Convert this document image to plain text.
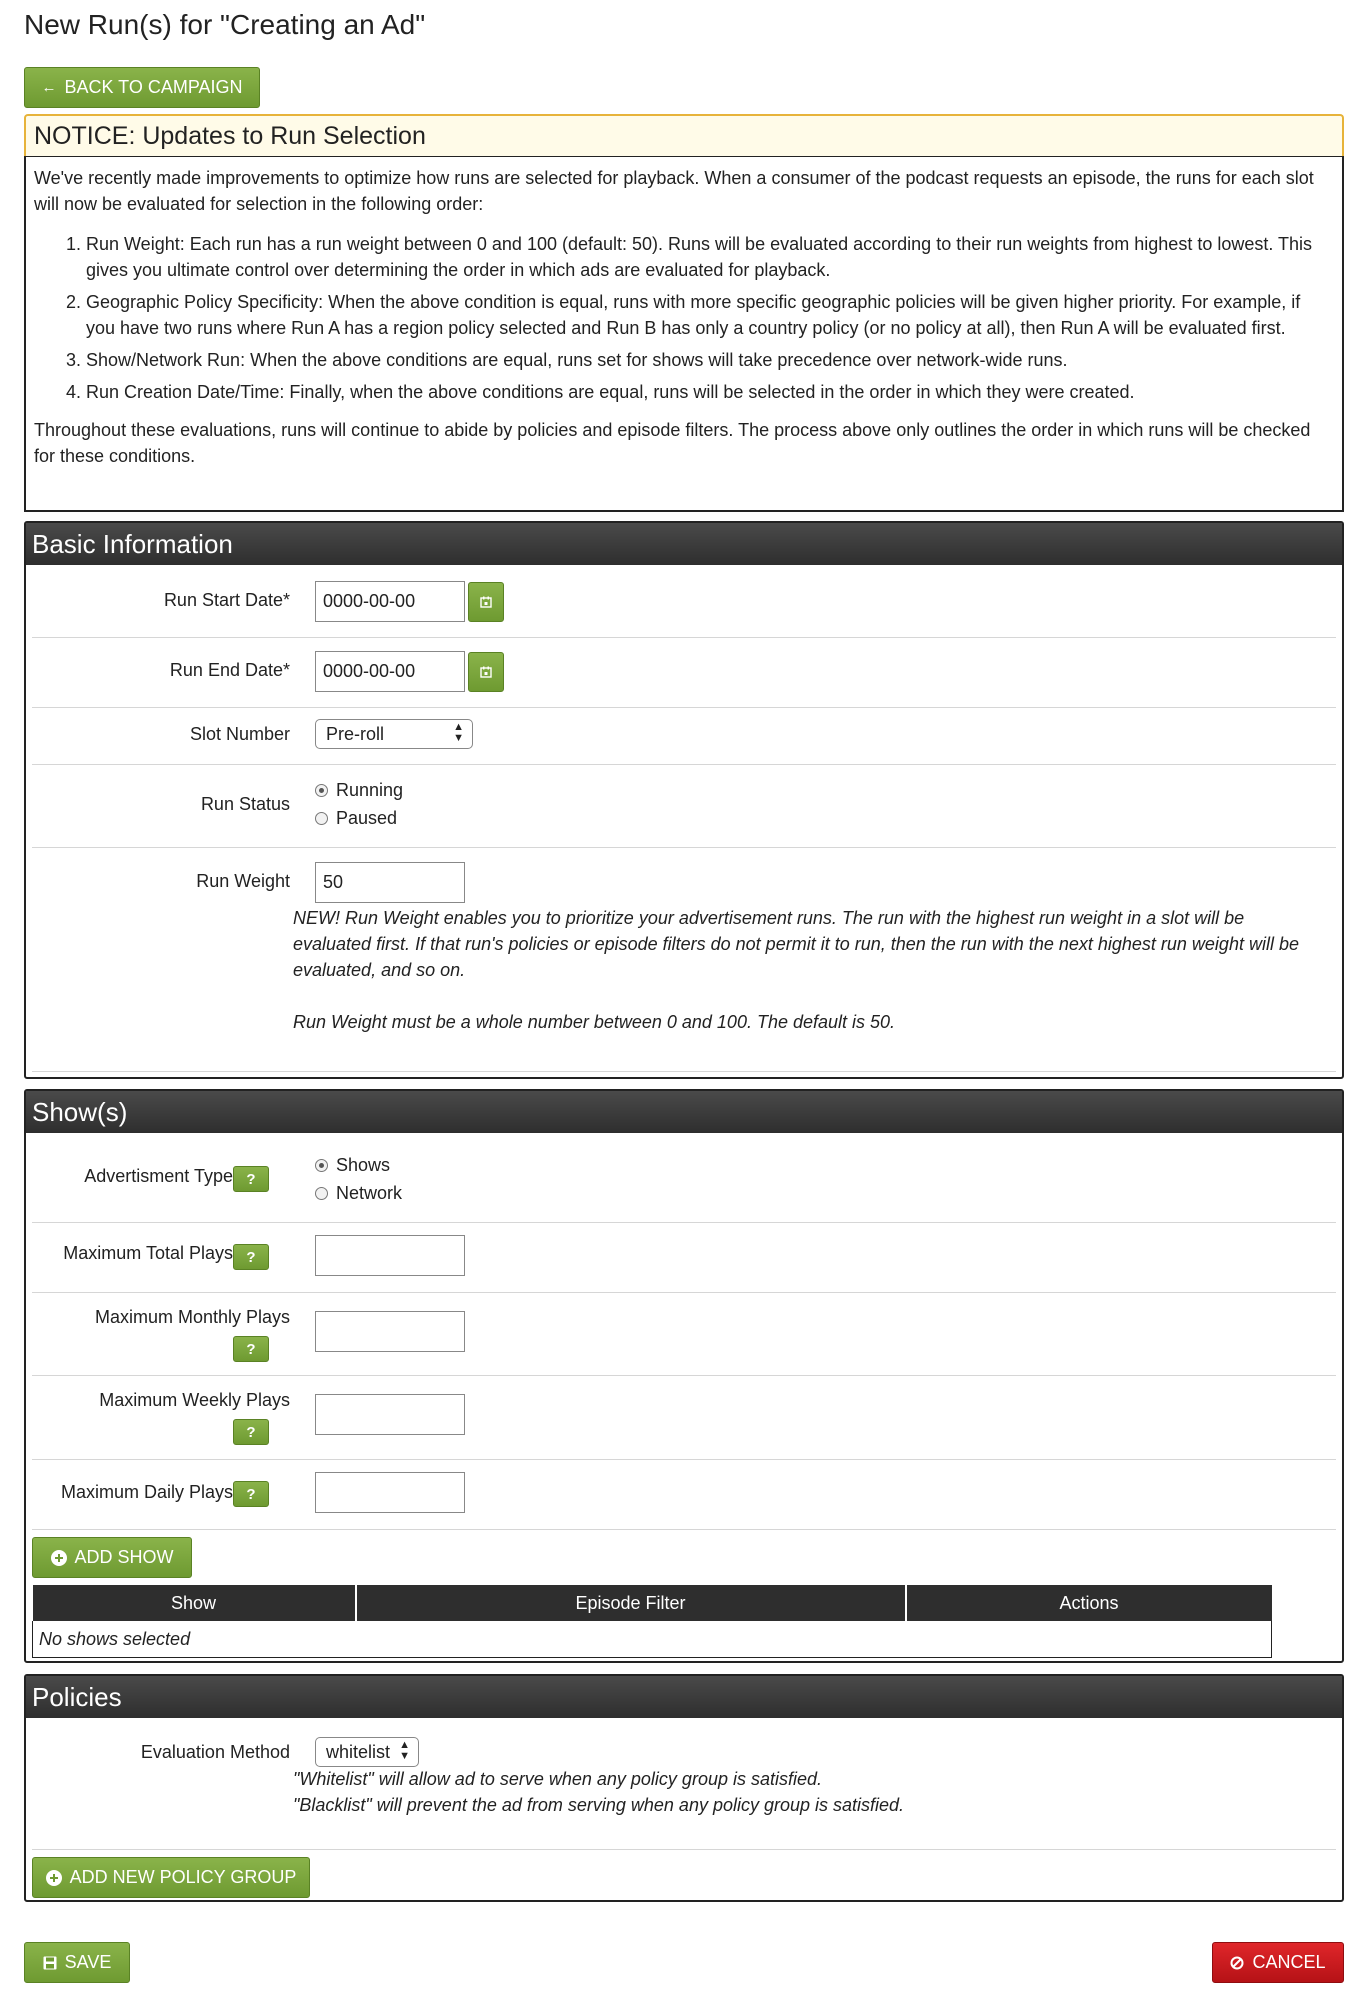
New Run(s) for "Creating an Ad"
← BACK TO CAMPAIGN
NOTICE: Updates to Run Selection

We've recently made improvements to optimize how runs are selected for playback. When a consumer of the podcast requests an episode, the runs for each slot will now be evaluated for selection in the following order:

1. Run Weight: Each run has a run weight between 0 and 100 (default: 50). Runs will be evaluated according to their run weights from highest to lowest. This gives you ultimate control over determining the order in which ads are evaluated for playback.
2. Geographic Policy Specificity: When the above condition is equal, runs with more specific geographic policies will be given higher priority. For example, if you have two runs where Run A has a region policy selected and Run B has only a country policy (or no policy at all), then Run A will be evaluated first.
3. Show/Network Run: When the above conditions are equal, runs set for shows will take precedence over network-wide runs.
4. Run Creation Date/Time: Finally, when the above conditions are equal, runs will be selected in the order in which they were created.

Throughout these evaluations, runs will continue to abide by policies and episode filters. The process above only outlines the order in which runs will be checked for these conditions.

Basic Information
Run Start Date*	0000-00-00
Run End Date*	0000-00-00
Slot Number	Pre-roll	▲
▼
Run Status
Running
Paused
Run Weight	50
NEW! Run Weight enables you to prioritize your advertisement runs. The run with the highest run weight in a slot will be evaluated first. If that run's policies or episode filters do not permit it to run, then the run with the next highest run weight will be evaluated, and so on.
Run Weight must be a whole number between 0 and 100. The default is 50.
Show(s)
Advertisment Type ?
Shows
Network
Maximum Total Plays ?
Maximum Monthly Plays
?
Maximum Weekly Plays
?
Maximum Daily Plays ?
ADD SHOW
Show	Episode Filter	Actions
No shows selected
Policies
Evaluation Method	whitelist ▲
▼
"Whitelist" will allow ad to serve when any policy group is satisfied.
"Blacklist" will prevent the ad from serving when any policy group is satisfied.
ADD NEW POLICY GROUP
SAVE	CANCEL
